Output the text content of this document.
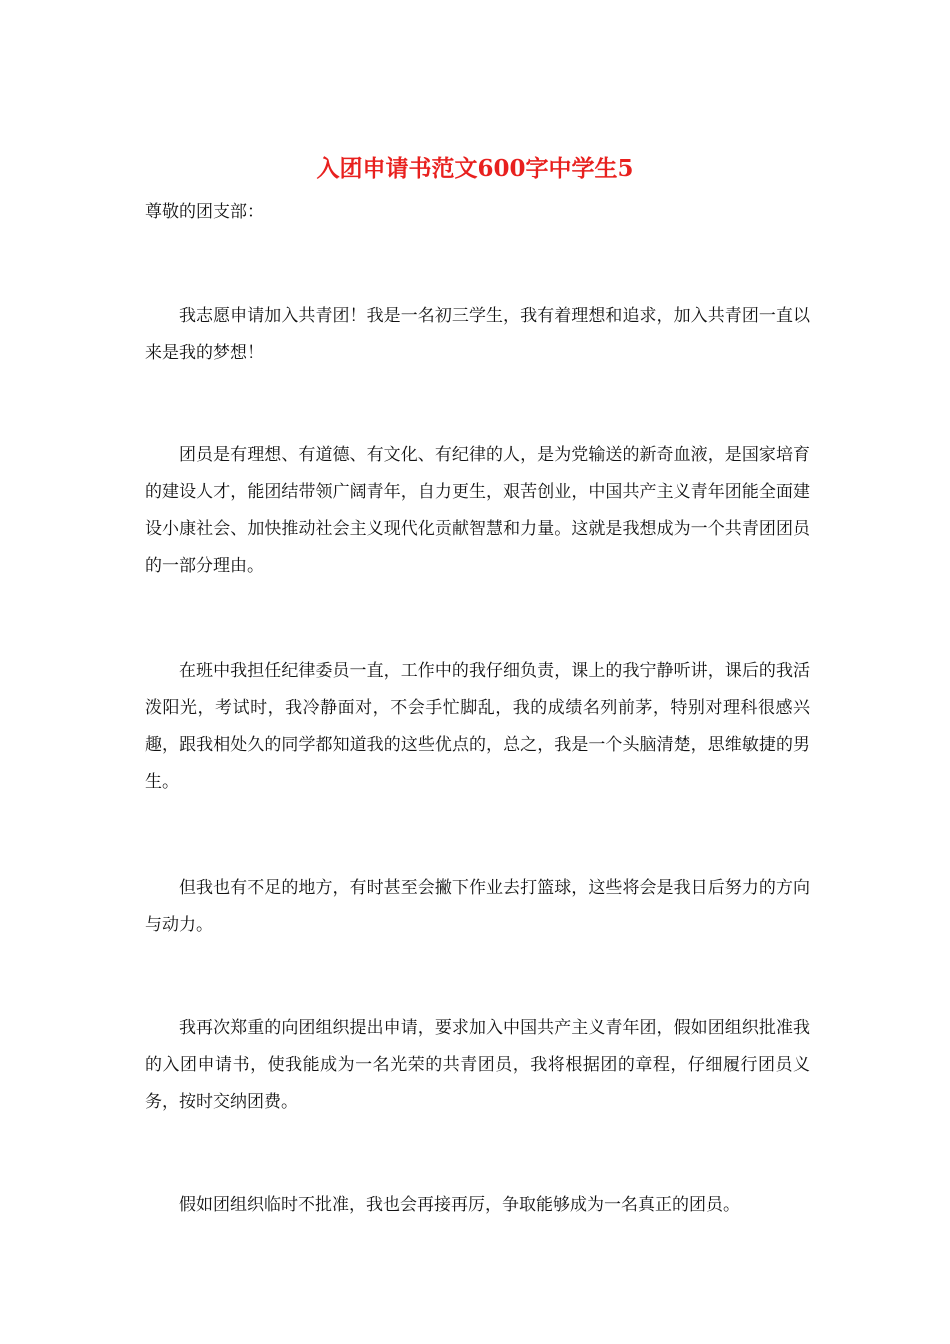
入团申请书范文600字中学生5

尊敬的团支部：

我志愿申请加入共青团！我是一名初三学生，我有着理想和追求，加入共青团一直以来是我的梦想！

团员是有理想、有道德、有文化、有纪律的人，是为党输送的新奇血液，是国家培育的建设人才，能团结带领广阔青年，自力更生，艰苦创业，中国共产主义青年团能全面建设小康社会、加快推动社会主义现代化贡献智慧和力量。这就是我想成为一个共青团团员的一部分理由。

在班中我担任纪律委员一直，工作中的我仔细负责，课上的我宁静听讲，课后的我活泼阳光，考试时，我冷静面对，不会手忙脚乱，我的成绩名列前茅，特别对理科很感兴趣，跟我相处久的同学都知道我的这些优点的，总之，我是一个头脑清楚，思维敏捷的男生。

但我也有不足的地方，有时甚至会撇下作业去打篮球，这些将会是我日后努力的方向与动力。

我再次郑重的向团组织提出申请，要求加入中国共产主义青年团，假如团组织批准我的入团申请书，使我能成为一名光荣的共青团员，我将根据团的章程，仔细履行团员义务，按时交纳团费。

假如团组织临时不批准，我也会再接再厉，争取能够成为一名真正的团员。
